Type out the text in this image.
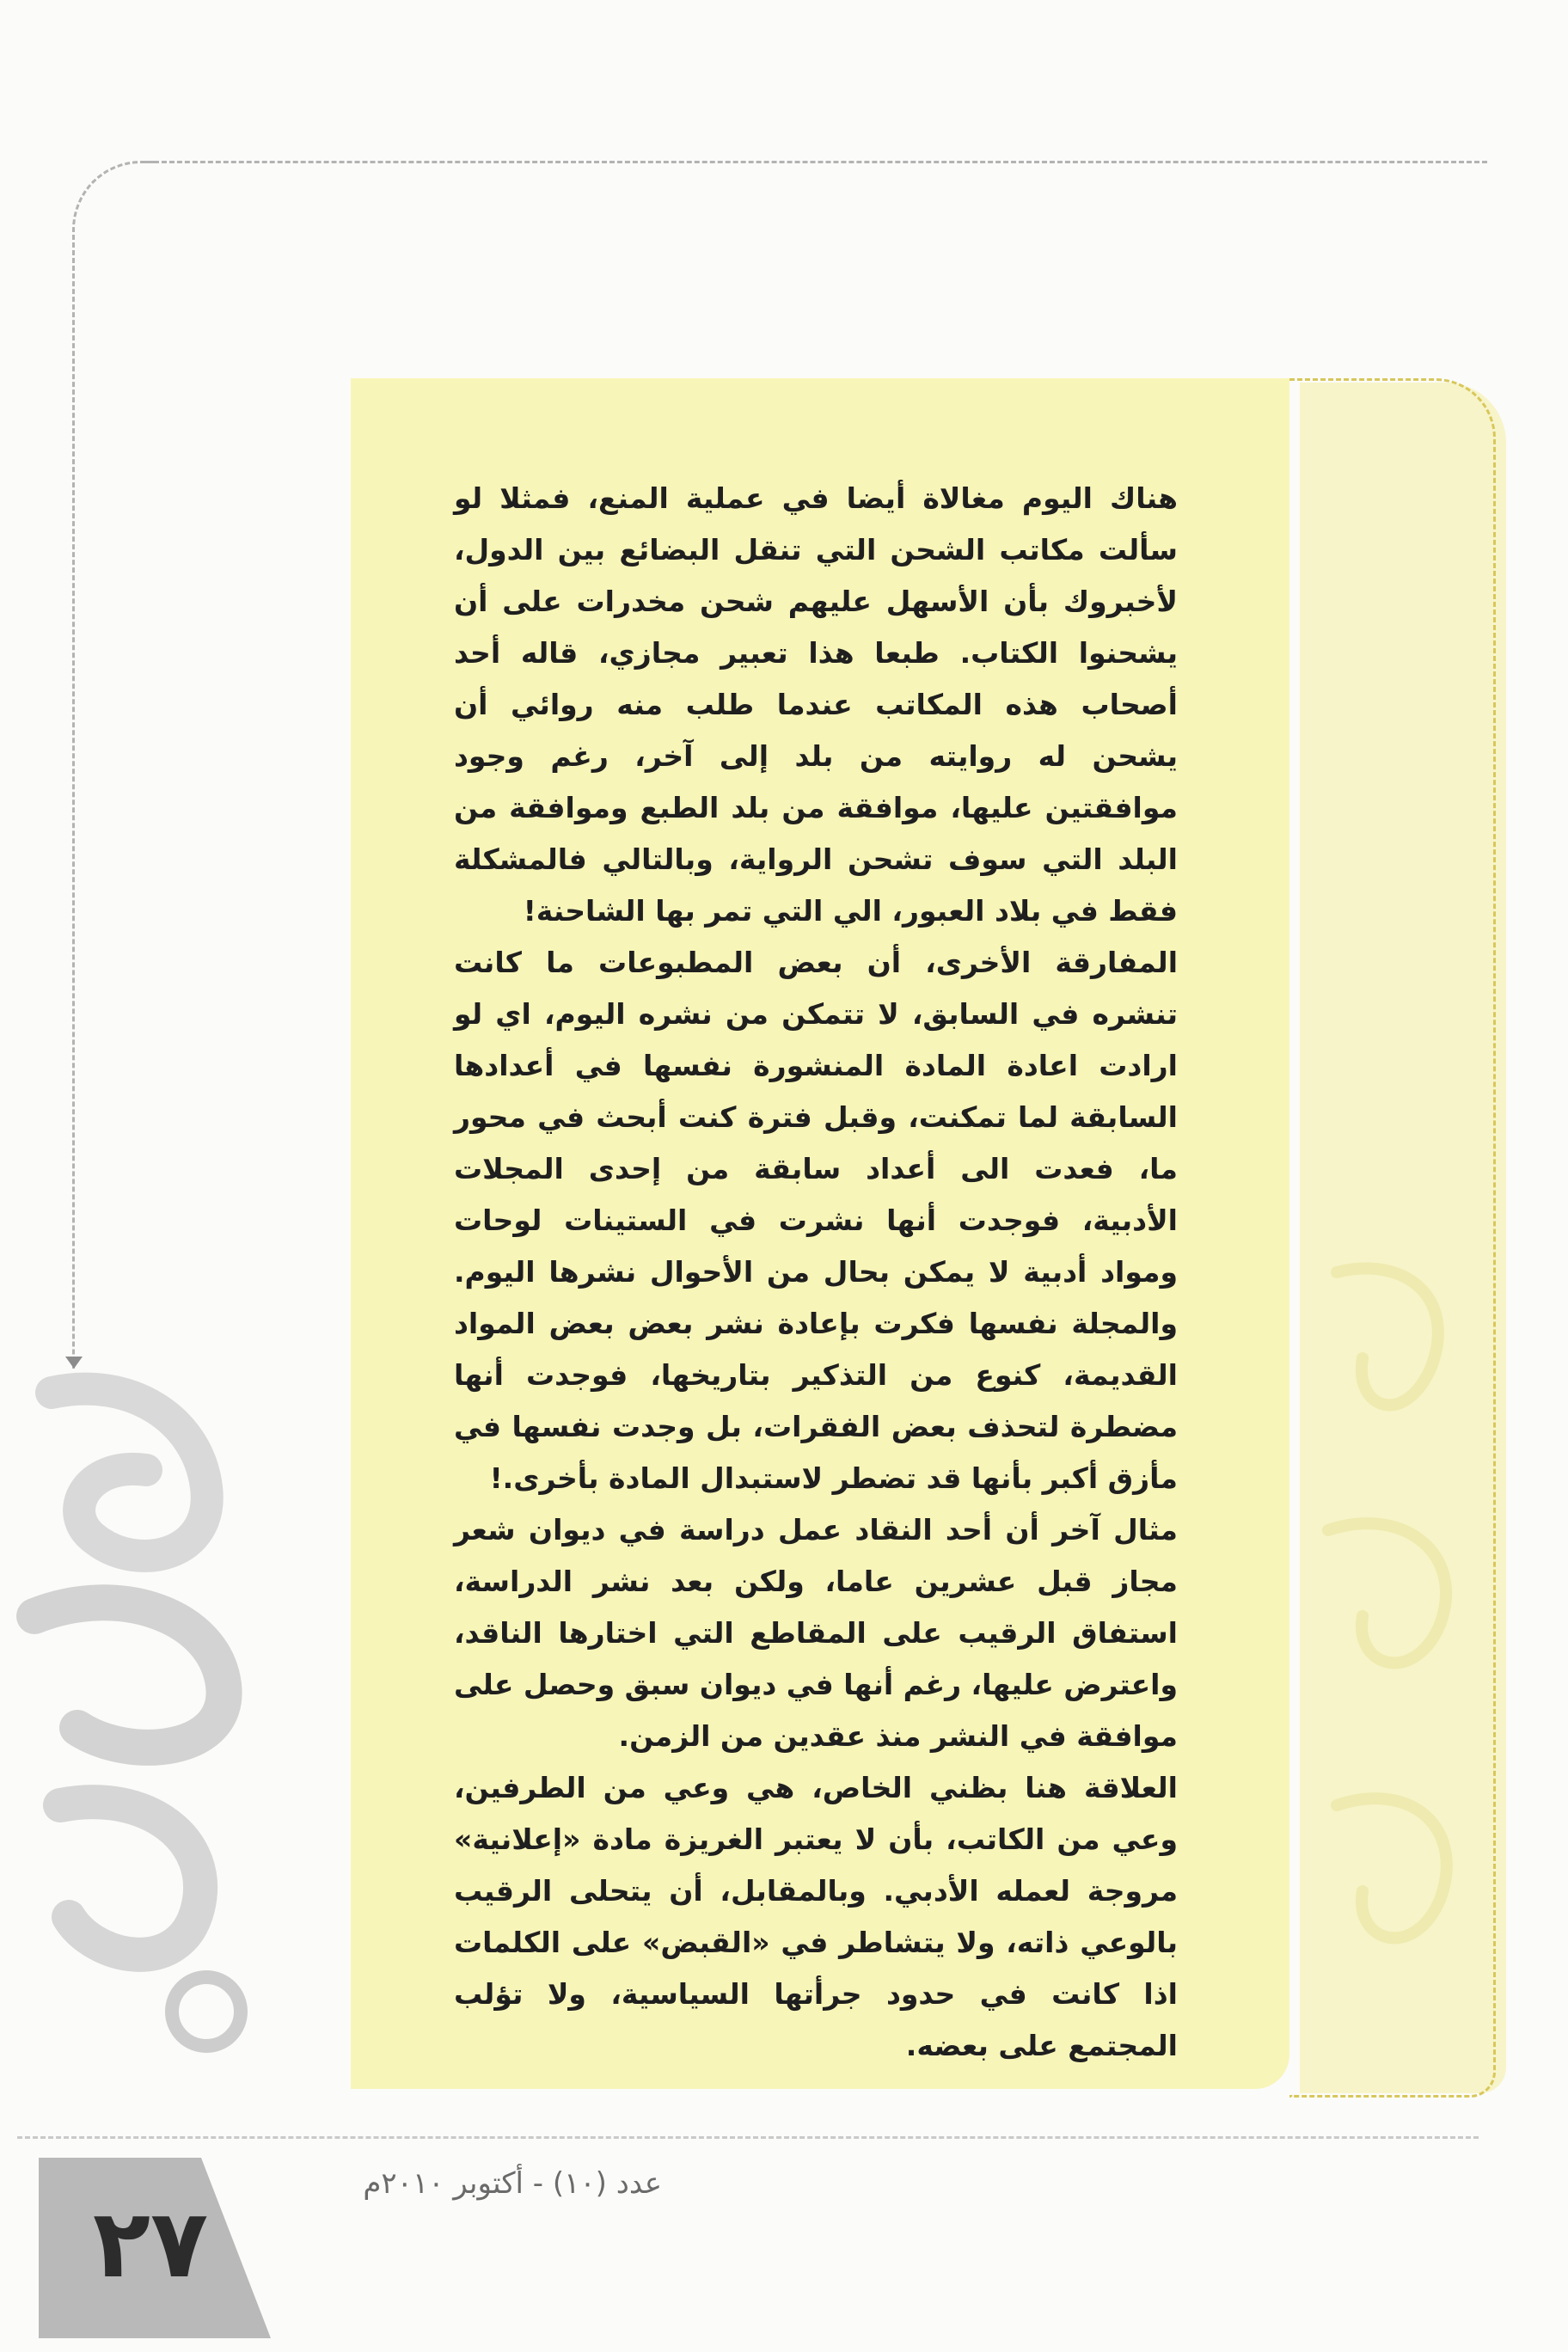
هناك اليوم مغالاة أيضا في عملية المنع، فمثلا لو سألت مكاتب الشحن التي تنقل البضائع بين الدول، لأخبروك بأن الأسهل عليهم شحن مخدرات على أن يشحنوا الكتاب. طبعا هذا تعبير مجازي، قاله أحد أصحاب هذه المكاتب عندما طلب منه روائي أن يشحن له روايته من بلد إلى آخر، رغم وجود موافقتين عليها، موافقة من بلد الطبع وموافقة من البلد التي سوف تشحن الرواية، وبالتالي فالمشكلة فقط في بلاد العبور، الي التي تمر بها الشاحنة!

المفارقة الأخرى، أن بعض المطبوعات ما كانت تنشره في السابق، لا تتمكن من نشره اليوم، اي لو ارادت اعادة المادة المنشورة نفسها في أعدادها السابقة لما تمكنت، وقبل فترة كنت أبحث في محور ما، فعدت الى أعداد سابقة من إحدى المجلات الأدبية، فوجدت أنها نشرت في الستينات لوحات ومواد أدبية لا يمكن بحال من الأحوال نشرها اليوم. والمجلة نفسها فكرت بإعادة نشر بعض بعض المواد القديمة، كنوع من التذكير بتاريخها، فوجدت أنها مضطرة لتحذف بعض الفقرات، بل وجدت نفسها في مأزق أكبر بأنها قد تضطر لاستبدال المادة بأخرى.!

مثال آخر أن أحد النقاد عمل دراسة في ديوان شعر مجاز قبل عشرين عاما، ولكن بعد نشر الدراسة، استفاق الرقيب على المقاطع التي اختارها الناقد، واعترض عليها، رغم أنها في ديوان سبق وحصل على موافقة في النشر منذ عقدين من الزمن.

العلاقة هنا بظني الخاص، هي وعي من الطرفين، وعي من الكاتب، بأن لا يعتبر الغريزة مادة «إعلانية» مروجة لعمله الأدبي. وبالمقابل، أن يتحلى الرقيب بالوعي ذاته، ولا يتشاطر في «القبض» على الكلمات اذا كانت في حدود جرأتها السياسية، ولا تؤلب المجتمع على بعضه.

٢٧
عدد (١٠) - أكتوبر ٢٠١٠م
